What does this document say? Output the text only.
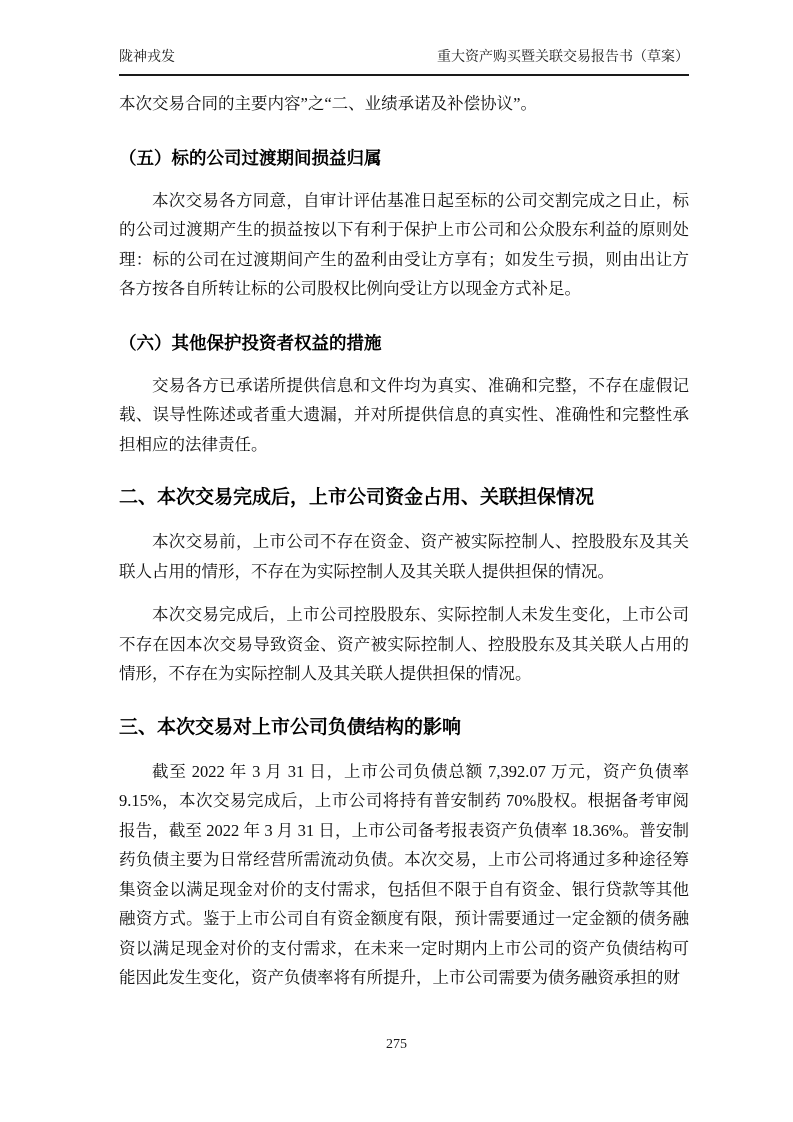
陇神戎发	重大资产购买暨关联交易报告书（草案）

本次交易合同的主要内容”之“二、业绩承诺及补偿协议”。

（五）标的公司过渡期间损益归属

本次交易各方同意，自审计评估基准日起至标的公司交割完成之日止，标的公司过渡期产生的损益按以下有利于保护上市公司和公众股东利益的原则处理：标的公司在过渡期间产生的盈利由受让方享有；如发生亏损，则由出让方各方按各自所转让标的公司股权比例向受让方以现金方式补足。

（六）其他保护投资者权益的措施

交易各方已承诺所提供信息和文件均为真实、准确和完整，不存在虚假记载、误导性陈述或者重大遗漏，并对所提供信息的真实性、准确性和完整性承担相应的法律责任。

二、本次交易完成后，上市公司资金占用、关联担保情况

本次交易前，上市公司不存在资金、资产被实际控制人、控股股东及其关联人占用的情形，不存在为实际控制人及其关联人提供担保的情况。

本次交易完成后，上市公司控股股东、实际控制人未发生变化，上市公司不存在因本次交易导致资金、资产被实际控制人、控股股东及其关联人占用的情形，不存在为实际控制人及其关联人提供担保的情况。

三、本次交易对上市公司负债结构的影响

截至 2022 年 3 月 31 日，上市公司负债总额 7,392.07 万元，资产负债率 9.15%，本次交易完成后，上市公司将持有普安制药 70%股权。根据备考审阅报告，截至 2022 年 3 月 31 日，上市公司备考报表资产负债率 18.36%。普安制药负债主要为日常经营所需流动负债。本次交易，上市公司将通过多种途径筹集资金以满足现金对价的支付需求，包括但不限于自有资金、银行贷款等其他融资方式。鉴于上市公司自有资金额度有限，预计需要通过一定金额的债务融资以满足现金对价的支付需求，在未来一定时期内上市公司的资产负债结构可能因此发生变化，资产负债率将有所提升，上市公司需要为债务融资承担的财

275
